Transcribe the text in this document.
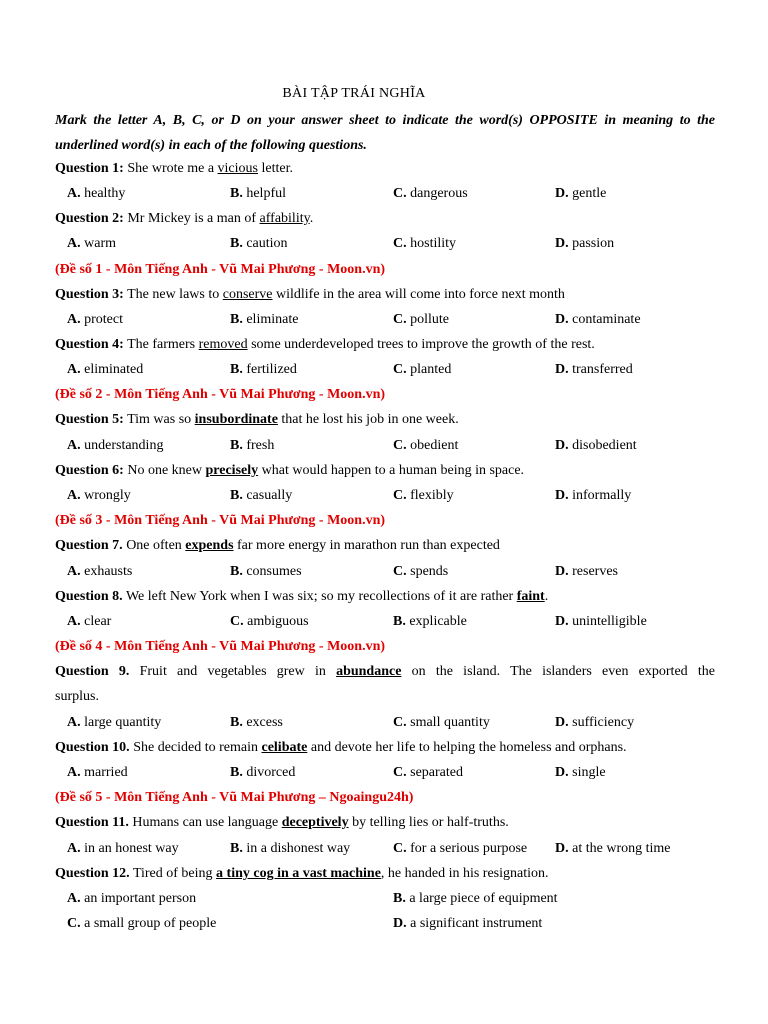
BÀI TẬP TRÁI NGHĨA
Mark the letter A, B, C, or D on your answer sheet to indicate the word(s) OPPOSITE in meaning to the underlined word(s) in each of the following questions.
Question 1: She wrote me a vicious letter.
A. healthy	B. helpful	C. dangerous	D. gentle
Question 2: Mr Mickey is a man of affability.
A. warm	B. caution	C. hostility	D. passion
(Đề số 1 - Môn Tiếng Anh - Vũ Mai Phương - Moon.vn)
Question 3: The new laws to conserve wildlife in the area will come into force next month
A. protect	B. eliminate	C. pollute	D. contaminate
Question 4: The farmers removed some underdeveloped trees to improve the growth of the rest.
A. eliminated	B. fertilized	C. planted	D. transferred
(Đề số 2 - Môn Tiếng Anh - Vũ Mai Phương - Moon.vn)
Question 5: Tim was so insubordinate that he lost his job in one week.
A. understanding	B. fresh	C. obedient	D. disobedient
Question 6: No one knew precisely what would happen to a human being in space.
A. wrongly	B. casually	C. flexibly	D. informally
(Đề số 3 - Môn Tiếng Anh - Vũ Mai Phương - Moon.vn)
Question 7. One often expends far more energy in marathon run than expected
A. exhausts	B. consumes	C. spends	D. reserves
Question 8. We left New York when I was six; so my recollections of it are rather faint.
A. clear	C. ambiguous	B. explicable	D. unintelligible
(Đề số 4 - Môn Tiếng Anh - Vũ Mai Phương - Moon.vn)
Question 9. Fruit and vegetables grew in abundance on the island. The islanders even exported the
surplus.
A. large quantity	B. excess	C. small quantity	D. sufficiency
Question 10. She decided to remain celibate and devote her life to helping the homeless and orphans.
A. married	B. divorced	C. separated	D. single
(Đề số 5 - Môn Tiếng Anh - Vũ Mai Phương – Ngoaingu24h)
Question 11. Humans can use language deceptively by telling lies or half-truths.
A. in an honest way	B. in a dishonest way	C. for a serious purpose D. at the wrong time
Question 12. Tired of being a tiny cog in a vast machine, he handed in his resignation.
A. an important person	B. a large piece of equipment
C. a small group of people	D. a significant instrument
